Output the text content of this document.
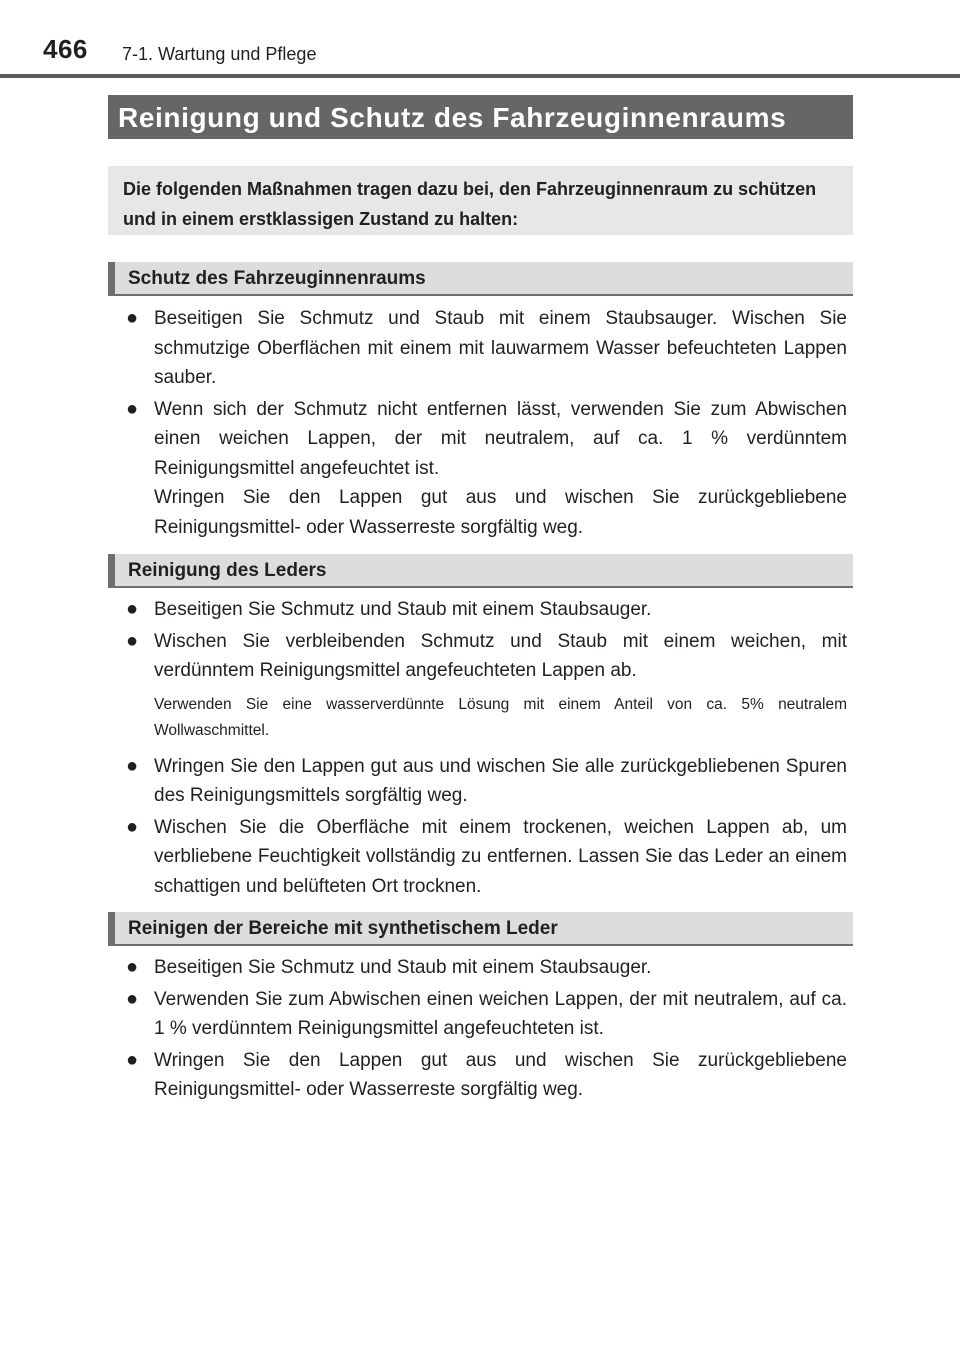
466 7-1. Wartung und Pflege
Reinigung und Schutz des Fahrzeuginnenraums
Die folgenden Maßnahmen tragen dazu bei, den Fahrzeuginnenraum zu schützen und in einem erstklassigen Zustand zu halten:
Schutz des Fahrzeuginnenraums
● Beseitigen Sie Schmutz und Staub mit einem Staubsauger. Wischen Sie schmutzige Oberflächen mit einem mit lauwarmem Wasser befeuchteten Lappen sauber.
● Wenn sich der Schmutz nicht entfernen lässt, verwenden Sie zum Abwischen einen weichen Lappen, der mit neutralem, auf ca. 1 % verdünntem Reinigungsmittel angefeuchtet ist.
Wringen Sie den Lappen gut aus und wischen Sie zurückgebliebene Reinigungsmittel- oder Wasserreste sorgfältig weg.
Reinigung des Leders
● Beseitigen Sie Schmutz und Staub mit einem Staubsauger.
● Wischen Sie verbleibenden Schmutz und Staub mit einem weichen, mit verdünntem Reinigungsmittel angefeuchteten Lappen ab.
Verwenden Sie eine wasserverdünnte Lösung mit einem Anteil von ca. 5% neutralem Wollwaschmittel.
● Wringen Sie den Lappen gut aus und wischen Sie alle zurückgebliebenen Spuren des Reinigungsmittels sorgfältig weg.
● Wischen Sie die Oberfläche mit einem trockenen, weichen Lappen ab, um verbliebene Feuchtigkeit vollständig zu entfernen. Lassen Sie das Leder an einem schattigen und belüfteten Ort trocknen.
Reinigen der Bereiche mit synthetischem Leder
● Beseitigen Sie Schmutz und Staub mit einem Staubsauger.
● Verwenden Sie zum Abwischen einen weichen Lappen, der mit neutralem, auf ca. 1 % verdünntem Reinigungsmittel angefeuchteten ist.
● Wringen Sie den Lappen gut aus und wischen Sie zurückgebliebene Reinigungsmittel- oder Wasserreste sorgfältig weg.
